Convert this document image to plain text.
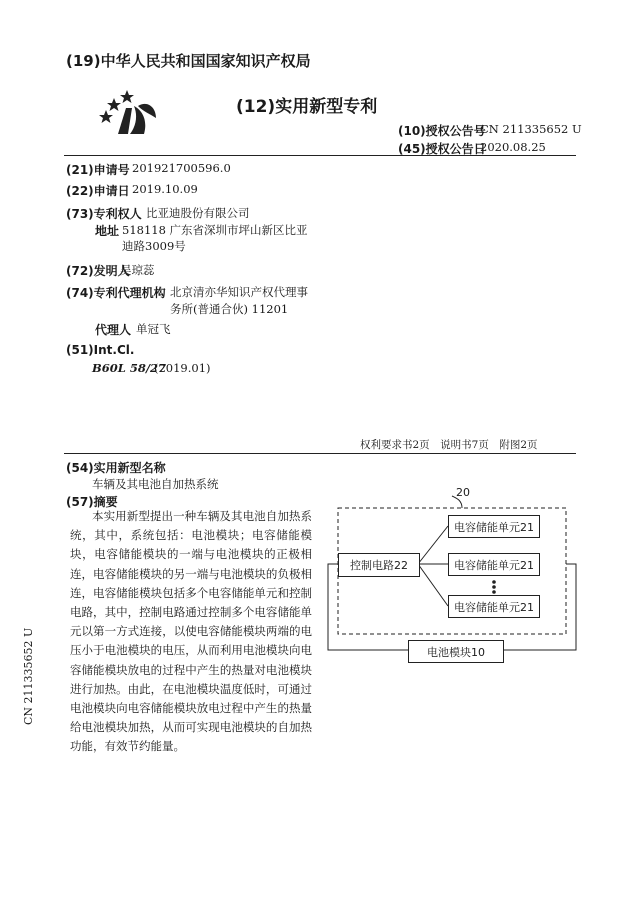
(19)中华人民共和国国家知识产权局
(12)实用新型专利
(10)授权公告号
CN 211335652 U
(45)授权公告日
2020.08.25
(21)申请号 201921700596.0
(22)申请日 2019.10.09
(73)专利权人 比亚迪股份有限公司
地址 518118 广东省深圳市坪山新区比亚
迪路3009号
(72)发明人
吴琼蕊
(74)专利代理机构 北京清亦华知识产权代理事
务所(普通合伙) 11201
代理人 单冠飞
(51)Int.Cl.
B60L 58/27
(2019.01)
权利要求书2页　说明书7页　附图2页
(54)实用新型名称
车辆及其电池自加热系统
(57)摘要
本实用新型提出一种车辆及其电池自加热系统，其中，系统包括：电池模块；电容储能模块，电容储能模块的一端与电池模块的正极相连，电容储能模块的另一端与电池模块的负极相连，电容储能模块包括多个电容储能单元和控制电路，其中，控制电路通过控制多个电容储能单元以第一方式连接，以使电容储能模块两端的电压小于电池模块的电压，从而利用电池模块向电容储能模块放电的过程中产生的热量对电池模块进行加热。由此，在电池模块温度低时，可通过电池模块向电容储能模块放电过程中产生的热量给电池模块加热，从而可实现电池模块的自加热功能，有效节约能量。
20
控制电路22
电容储能单元21
电容储能单元21
电容储能单元21
电池模块10
CN 211335652 U
